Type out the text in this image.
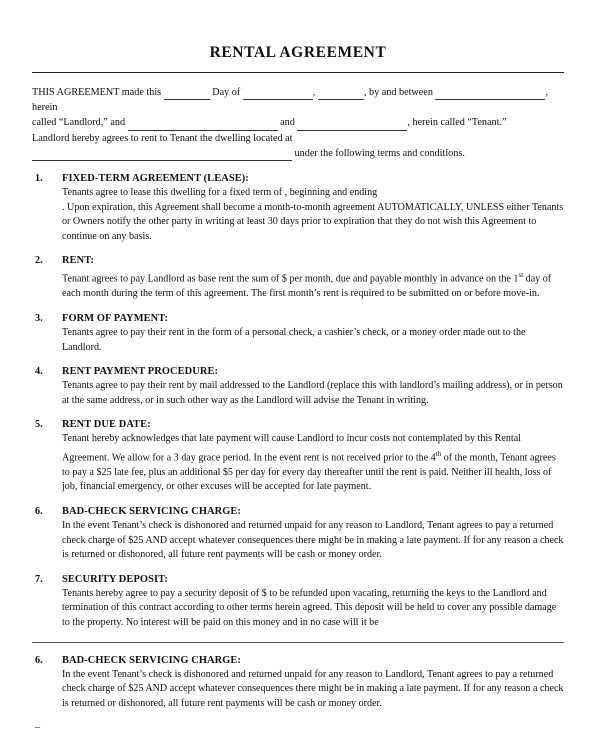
RENTAL AGREEMENT
THIS AGREEMENT made this	Day of	,	, by and between	, herein
called “Landlord,” and	and	, herein called “Tenant.”
Landlord hereby agrees to rent to Tenant the dwelling located at
under the following terms and conditions.
1.	FIXED-TERM AGREEMENT (LEASE):
Tenants agree to lease this dwelling for a fixed term of , beginning and ending
. Upon expiration, this Agreement shall become a month-to-month agreement AUTOMATICALLY, UNLESS either Tenants or Owners notify the other party in writing at least 30 days prior to expiration that they do not wish this Agreement to continue on any basis.
2.	RENT:
Tenant agrees to pay Landlord as base rent the sum of $ per month, due and payable monthly in advance on the 1st day of each month during the term of this agreement. The first month’s rent is required to be submitted on or before move-in.
3.	FORM OF PAYMENT:
Tenants agree to pay their rent in the form of a personal check, a cashier’s check, or a money order made out to the Landlord.
4.	RENT PAYMENT PROCEDURE:
Tenants agree to pay their rent by mail addressed to the Landlord (replace this with landlord’s mailing address), or in person at the same address, or in such other way as the Landlord will advise the Tenant in writing.
5.	RENT DUE DATE:
Tenant hereby acknowledges that late payment will cause Landlord to incur costs not contemplated by this Rental Agreement. We allow for a 3 day grace period. In the event rent is not received prior to the 4th of the month, Tenant agrees to pay a $25 late fee, plus an additional $5 per day for every day thereafter until the rent is paid. Neither ill health, loss of job, financial emergency, or other excuses will be accepted for late payment.
6.	BAD-CHECK SERVICING CHARGE:
In the event Tenant’s check is dishonored and returned unpaid for any reason to Landlord, Tenant agrees to pay a returned check charge of $25 AND accept whatever consequences there might be in making a late payment. If for any reason a check is returned or dishonored, all future rent payments will be cash or money order.
7.	SECURITY DEPOSIT:
Tenants hereby agree to pay a security deposit of $ to be refunded upon vacating, returning the keys to the Landlord and termination of this contract according to other terms herein agreed. This deposit will be held to cover any possible damage to the property. No interest will be paid on this money and in no case will it be
6.	BAD-CHECK SERVICING CHARGE:
In the event Tenant’s check is dishonored and returned unpaid for any reason to Landlord, Tenant agrees to pay a returned check charge of $25 AND accept whatever consequences there might be in making a late payment. If for any reason a check is returned or dishonored, all future rent payments will be cash or money order.
–
